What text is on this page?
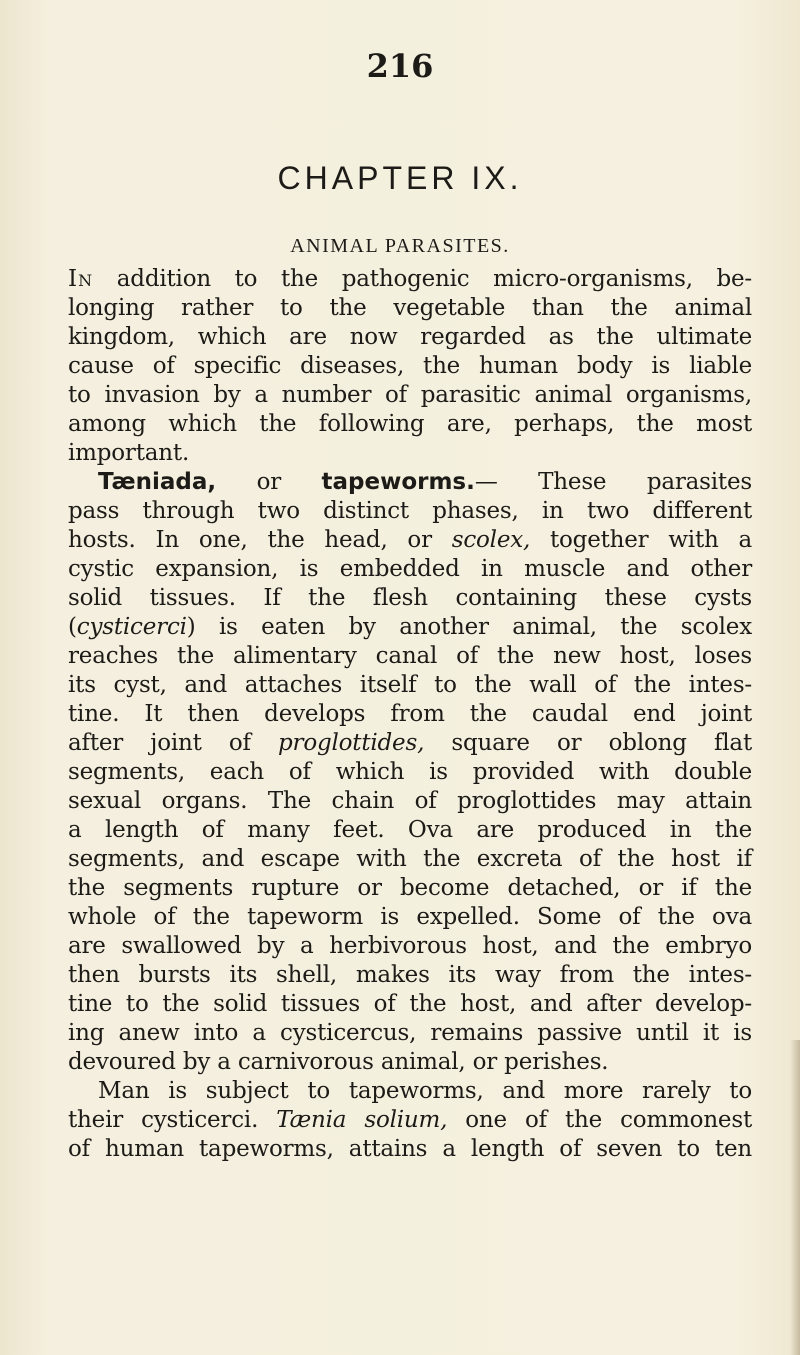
216
CHAPTER IX.
ANIMAL PARASITES.
In addition to the pathogenic micro-organisms, be-
longing rather to the vegetable than the animal
kingdom, which are now regarded as the ultimate
cause of specific diseases, the human body is liable
to invasion by a number of parasitic animal organisms,
among which the following are, perhaps, the most
important.
Tæniada, or tapeworms.— These parasites
pass through two distinct phases, in two different
hosts. In one, the head, or scolex, together with a
cystic expansion, is embedded in muscle and other
solid tissues. If the flesh containing these cysts
(cysticerci) is eaten by another animal, the scolex
reaches the alimentary canal of the new host, loses
its cyst, and attaches itself to the wall of the intes-
tine. It then develops from the caudal end joint
after joint of proglottides, square or oblong flat
segments, each of which is provided with double
sexual organs. The chain of proglottides may attain
a length of many feet. Ova are produced in the
segments, and escape with the excreta of the host if
the segments rupture or become detached, or if the
whole of the tapeworm is expelled. Some of the ova
are swallowed by a herbivorous host, and the embryo
then bursts its shell, makes its way from the intes-
tine to the solid tissues of the host, and after develop-
ing anew into a cysticercus, remains passive until it is
devoured by a carnivorous animal, or perishes.
Man is subject to tapeworms, and more rarely to
their cysticerci. Tænia solium, one of the commonest
of human tapeworms, attains a length of seven to ten
